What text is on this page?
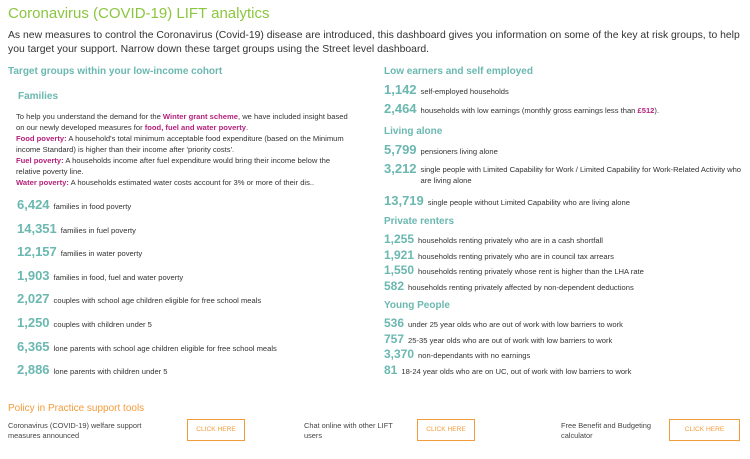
Coronavirus (COVID-19) LIFT analytics
As new measures to control the Coronavirus (Covid-19) disease are introduced, this dashboard gives you information on some of the key at risk groups, to help you target your support. Narrow down these target groups using the Street level dashboard.
Target groups within your low-income cohort
Families
To help you understand the demand for the Winter grant scheme, we have included insight based on our newly developed measures for food, fuel and water poverty.
Food poverty: A household's total minimum acceptable food expenditure (based on the Minimum income Standard) is higher than their income after 'priority costs'.
Fuel poverty: A households income after fuel expenditure would bring their income below the relative poverty line.
Water poverty: A households estimated water costs account for 3% or more of their dis..
6,424 families in food poverty
14,351 families in fuel poverty
12,157 families in water poverty
1,903 families in food, fuel and water poverty
2,027 couples with school age children eligible for free school meals
1,250 couples with children under 5
6,365 lone parents with school age children eligible for free school meals
2,886 lone parents with children under 5
Low earners and self employed
1,142 self-employed households
2,464 households with low earnings (monthly gross earnings less than £512).
Living alone
5,799 pensioners living alone
3,212 single people with Limited Capability for Work / Limited Capability for Work-Related Activity who are living alone
13,719 single people without Limited Capability who are living alone
Private renters
1,255 households renting privately who are in a cash shortfall
1,921 households renting privately who are in council tax arrears
1,550 households renting privately whose rent is higher than the LHA rate
582 households renting privately affected by non-dependent deductions
Young People
536 under 25 year olds who are out of work with low barriers to work
757 25-35 year olds who are out of work with low barriers to work
3,370 non-dependants with no earnings
81 18-24 year olds who are on UC, out of work with low barriers to work
Policy in Practice support tools
Coronavirus (COVID-19) welfare support measures announced
CLICK HERE	Chat online with other LIFT users
CLICK HERE	Free Benefit and Budgeting calculator
CLICK HERE
